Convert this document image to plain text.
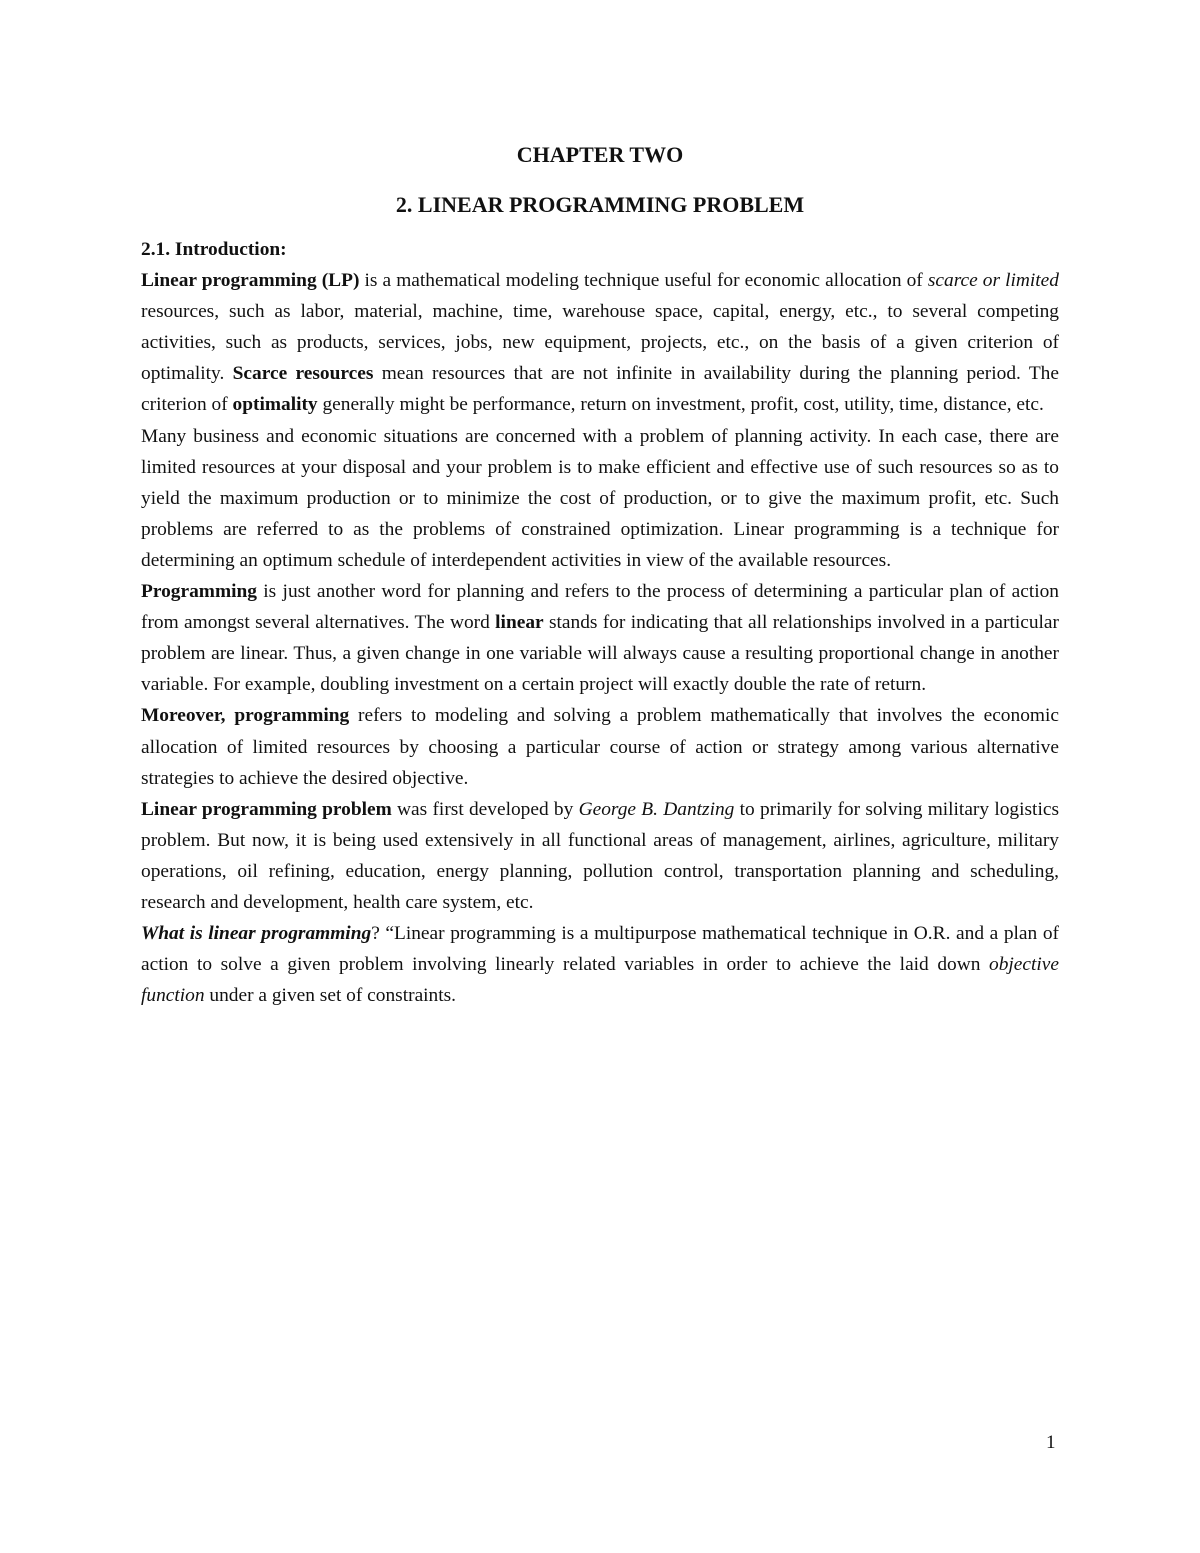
CHAPTER TWO
2. LINEAR PROGRAMMING PROBLEM

2.1. Introduction:

Linear programming (LP) is a mathematical modeling technique useful for economic allocation of scarce or limited resources, such as labor, material, machine, time, warehouse space, capital, energy, etc., to several competing activities, such as products, services, jobs, new equipment, projects, etc., on the basis of a given criterion of optimality. Scarce resources mean resources that are not infinite in availability during the planning period. The criterion of optimality generally might be performance, return on investment, profit, cost, utility, time, distance, etc.

Many business and economic situations are concerned with a problem of planning activity. In each case, there are limited resources at your disposal and your problem is to make efficient and effective use of such resources so as to yield the maximum production or to minimize the cost of production, or to give the maximum profit, etc. Such problems are referred to as the problems of constrained optimization. Linear programming is a technique for determining an optimum schedule of interdependent activities in view of the available resources.

Programming is just another word for planning and refers to the process of determining a particular plan of action from amongst several alternatives. The word linear stands for indicating that all relationships involved in a particular problem are linear. Thus, a given change in one variable will always cause a resulting proportional change in another variable. For example, doubling investment on a certain project will exactly double the rate of return.

Moreover, programming refers to modeling and solving a problem mathematically that involves the economic allocation of limited resources by choosing a particular course of action or strategy among various alternative strategies to achieve the desired objective.

Linear programming problem was first developed by George B. Dantzing to primarily for solving military logistics problem. But now, it is being used extensively in all functional areas of management, airlines, agriculture, military operations, oil refining, education, energy planning, pollution control, transportation planning and scheduling, research and development, health care system, etc.

What is linear programming? “Linear programming is a multipurpose mathematical technique in O.R. and a plan of action to solve a given problem involving linearly related variables in order to achieve the laid down objective function under a given set of constraints.

1
